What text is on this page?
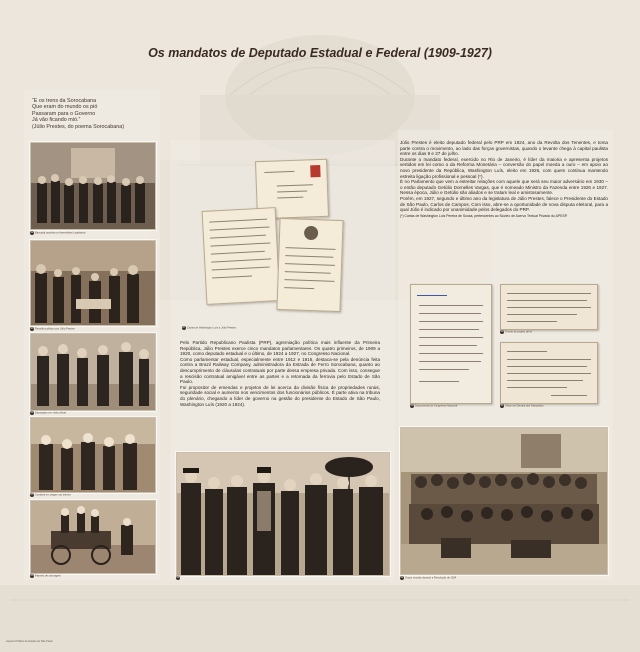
Os mandatos de Deputado Estadual e Federal (1909-1927)
“E os trens da Sorocabana
Que eram do mundo os pió
Passaram para o Governo
Já vão ficando mió.”
(Júlio Prestes, do poema Sorocabana)
22 Bancada paulista na Assembleia Legislativa
23 Reunião política com Júlio Prestes
24 Deputados em visita oficial
25 Comitiva em viagem ao interior
26 Passeio de carruagem
27 Cartas de Washington Luís a Júlio Prestes

Pelo Partido Republicano Paulista (PRP), agremiação política mais influente da Primeira República, Júlio Prestes exerce cinco mandatos parlamentares. Os quatro primeiros, de 1909 a 1920, como deputado estadual e o último, de 1924 a 1927, no Congresso Nacional.

Como parlamentar estadual, especialmente entre 1912 e 1916, destaca-se pela denúncia feita contra a Brazil Railway Company, administradora da Estrada de Ferro Sorocabana, quanto ao descumprimento de cláusulas contratuais por parte dessa empresa privada. Com isso, consegue a rescisão contratual amigável entre as partes e a retomada da ferrovia pelo Estado de São Paulo.

Foi propositor de emendas e projetos de lei acerca da divisão física de propriedades rurais, seguridade social e aumento nos vencimentos dos funcionários públicos. É parte ativa na tribuna do plenário, chegando a líder de governo na gestão do presidente do Estado de São Paulo, Washington Luís (1920 a 1924).

28

Júlio Prestes é eleito deputado federal pelo PRP em 1924, ano da Revolta dos Tenentes, e toma parte contra o movimento, ao lado das forças governistas, quando o levante chega à capital paulista entre os dias 9 e 27 de julho.

Durante o mandato federal, exercido no Rio de Janeiro, é líder da maioria e apresenta projetos vertidos em lei como o da Reforma Monetária – conversão do papel moeda a ouro – em apoio ao novo presidente da República, Washington Luís, eleito em 1926, com quem continua mantendo estreita ligação profissional e pessoal (*).

É no Parlamento que vem a estreitar relações com aquele que será seu maior adversário em 1930 – o então deputado Getúlio Dornelles Vargas, que é nomeado Ministro da Fazenda entre 1926 e 1927. Nessa época, Júlio e Getúlio são aliados e se tratam leal e amistosamente.

Porém, em 1927, segundo e último ano da legislatura de Júlio Prestes, falece o Presidente do Estado de São Paulo, Carlos de Campos. Com isso, abre-se a oportunidade de nova disputa eleitoral, para a qual Júlio é indicado por unanimidade pelos delegados do PRP.

(*) Cartas de Washington Luís Pereira de Sousa, pertencentes ao Núcleo de Acervo Textual Privado do APESP.

29 Documentos do Congresso Nacional
30 Trecho do projeto de lei
31 Ofício da Câmara dos Deputados
32 Grupo reunido durante a Revolução de 1924
Arquivo Público do Estado de São Paulo
